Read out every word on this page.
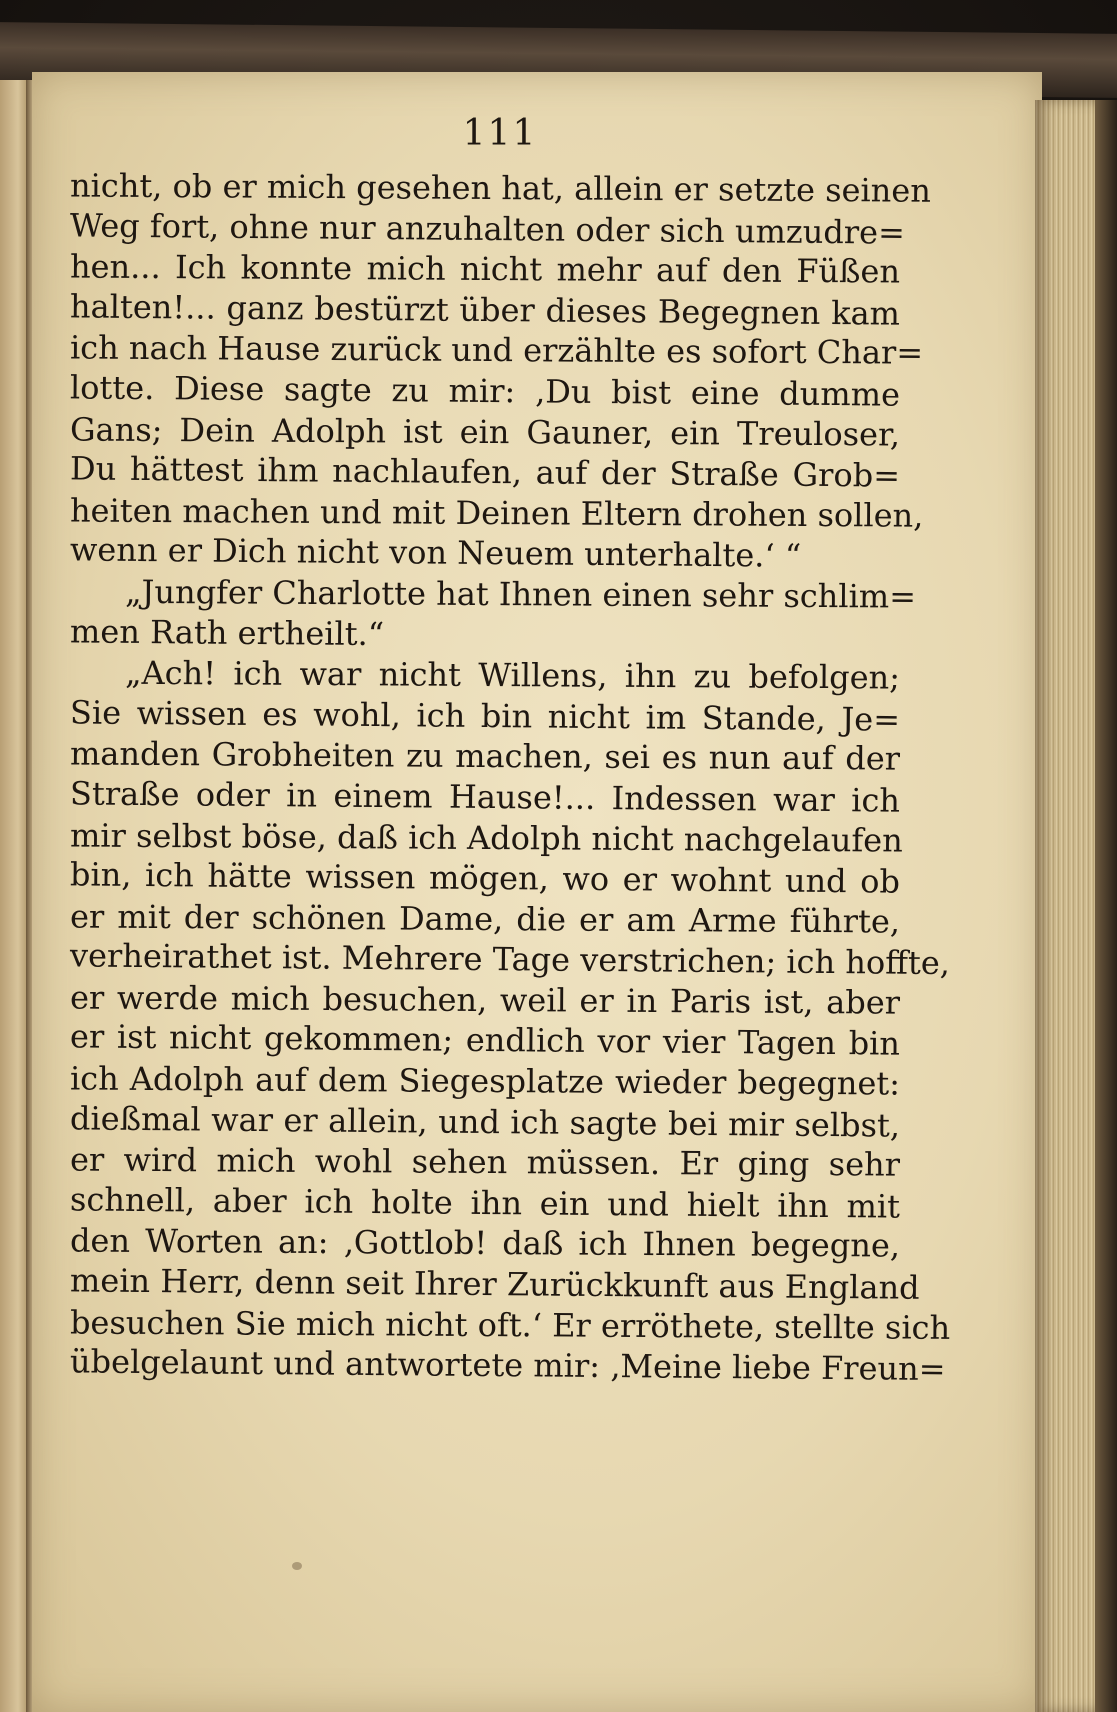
111
nicht, ob er mich gesehen hat, allein er setzte seinen
Weg fort, ohne nur anzuhalten oder sich umzudre=
hen... Ich konnte mich nicht mehr auf den Füßen
halten!... ganz bestürzt über dieses Begegnen kam
ich nach Hause zurück und erzählte es sofort Char=
lotte. Diese sagte zu mir: ‚Du bist eine dumme
Gans; Dein Adolph ist ein Gauner, ein Treuloser,
Du hättest ihm nachlaufen, auf der Straße Grob=
heiten machen und mit Deinen Eltern drohen sollen,
wenn er Dich nicht von Neuem unterhalte.‘ “
„Jungfer Charlotte hat Ihnen einen sehr schlim=
men Rath ertheilt.“
„Ach! ich war nicht Willens, ihn zu befolgen;
Sie wissen es wohl, ich bin nicht im Stande, Je=
manden Grobheiten zu machen, sei es nun auf der
Straße oder in einem Hause!... Indessen war ich
mir selbst böse, daß ich Adolph nicht nachgelaufen
bin, ich hätte wissen mögen, wo er wohnt und ob
er mit der schönen Dame, die er am Arme führte,
verheirathet ist. Mehrere Tage verstrichen; ich hoffte,
er werde mich besuchen, weil er in Paris ist, aber
er ist nicht gekommen; endlich vor vier Tagen bin
ich Adolph auf dem Siegesplatze wieder begegnet:
dießmal war er allein, und ich sagte bei mir selbst,
er wird mich wohl sehen müssen. Er ging sehr
schnell, aber ich holte ihn ein und hielt ihn mit
den Worten an: ‚Gottlob! daß ich Ihnen begegne,
mein Herr, denn seit Ihrer Zurückkunft aus England
besuchen Sie mich nicht oft.‘ Er erröthete, stellte sich
übelgelaunt und antwortete mir: ‚Meine liebe Freun=
